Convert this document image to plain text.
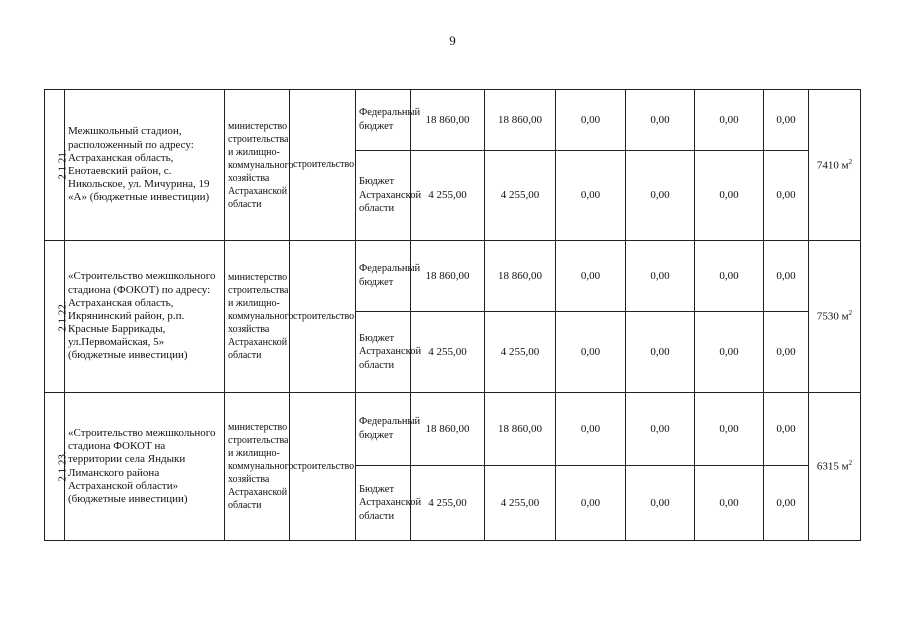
9
2.1.21.	Межшкольный стадион, расположенный по адресу: Астраханская область, Енотаевский район, с. Никольское, ул. Мичурина, 19 «А» (бюджетные инвестиции)	министерство строительства и жилищно-коммунального хозяйства Астраханской области	строительство	Федеральный бюджет	18 860,00	18 860,00	0,00	0,00	0,00	0,00	7410 $м^2$
				Бюджет Астраханской области	4 255,00	4 255,00	0,00	0,00	0,00	0,00	
2.1.22.	«Строительство межшкольного стадиона (ФОКОТ) по адресу: Астраханская область, Икрянинский район, р.п. Красные Баррикады, ул.Первомайская, 5» (бюджетные инвестиции)	министерство строительства и жилищно-коммунального хозяйства Астраханской области	строительство	Федеральный бюджет	18 860,00	18 860,00	0,00	0,00	0,00	0,00	7530 $м^2$
				Бюджет Астраханской области	4 255,00	4 255,00	0,00	0,00	0,00	0,00	
2.1.23.	«Строительство межшкольного стадиона ФОКОТ на территории села Яндыки Лиманского района Астраханской области» (бюджетные инвестиции)	министерство строительства и жилищно-коммунального хозяйства Астраханской области	строительство	Федеральный бюджет	18 860,00	18 860,00	0,00	0,00	0,00	0,00	6315 $м^2$
				Бюджет Астраханской области	4 255,00	4 255,00	0,00	0,00	0,00	0,00	
